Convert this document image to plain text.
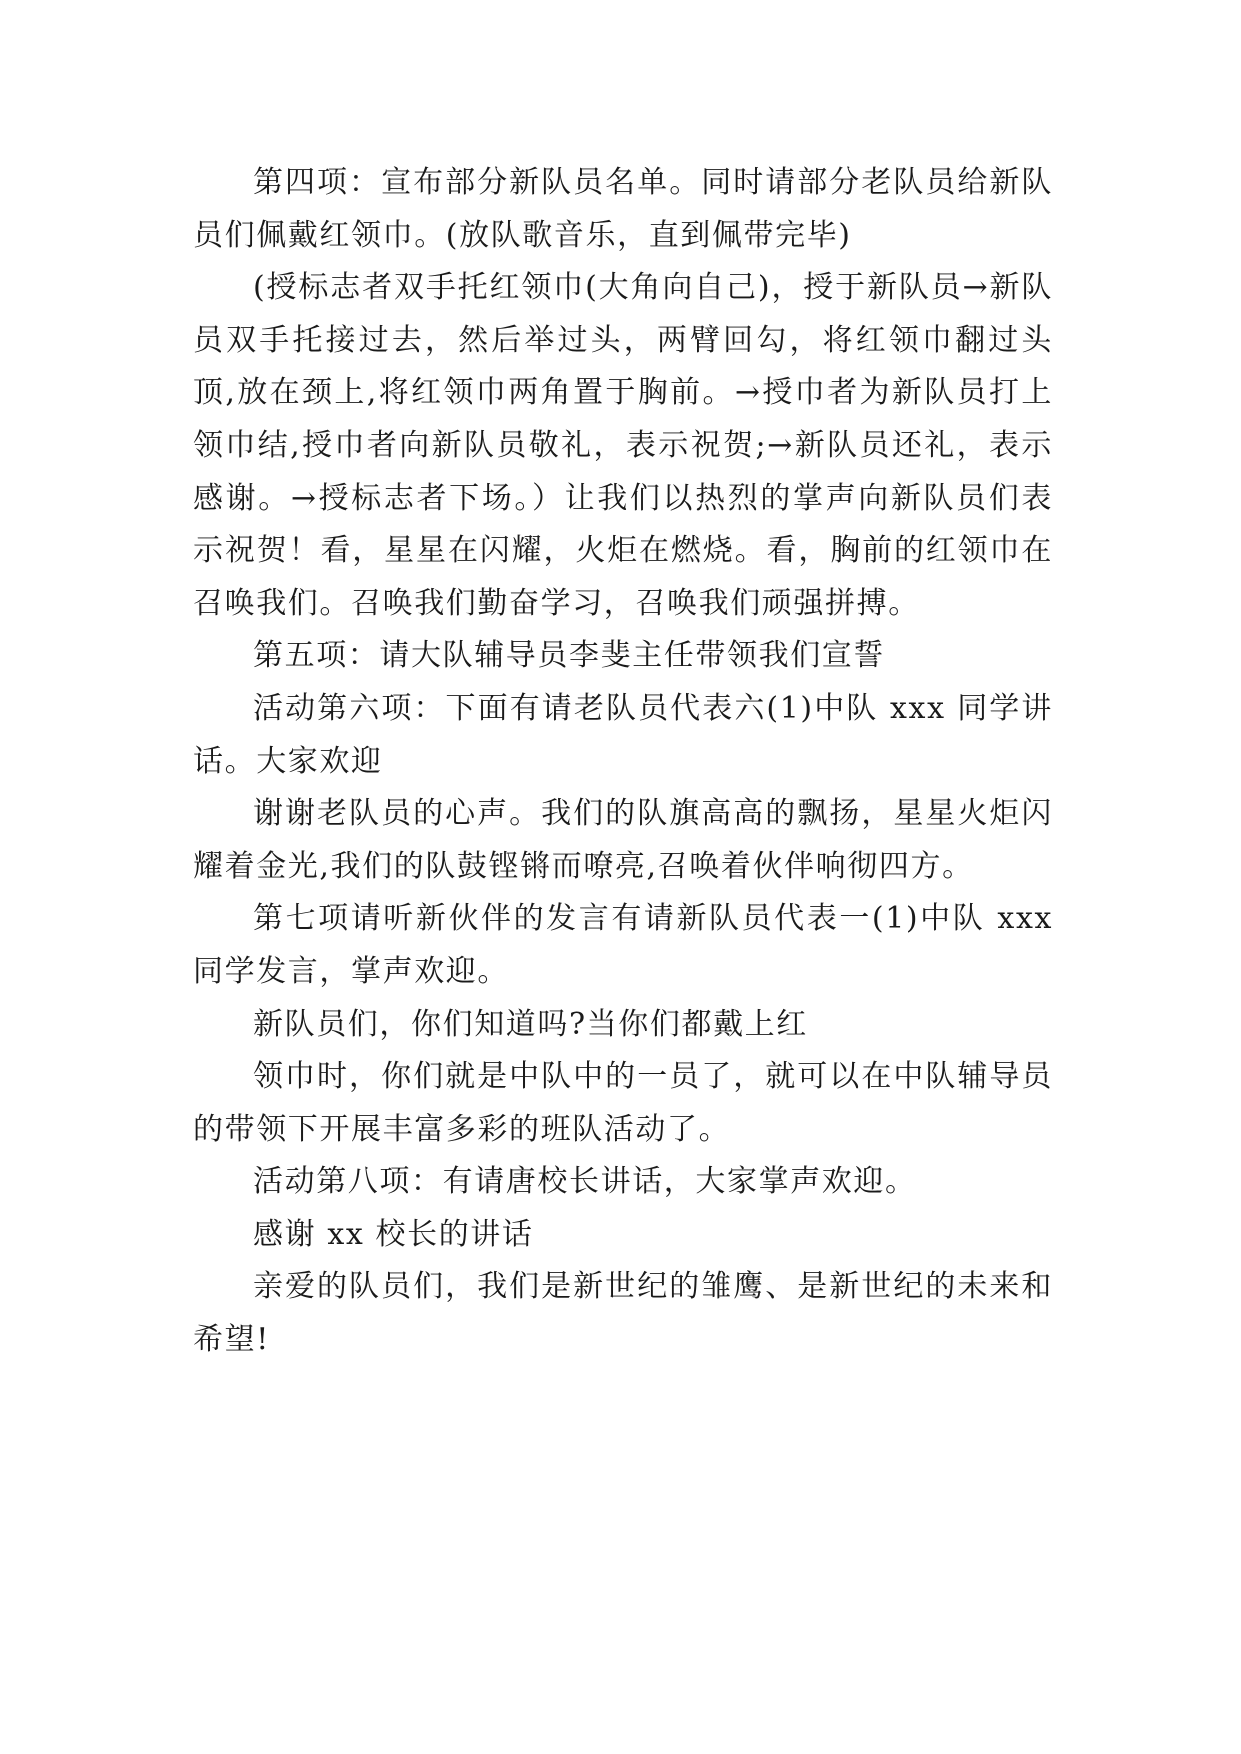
第四项：宣布部分新队员名单。同时请部分老队员给新队员们佩戴红领巾。(放队歌音乐，直到佩带完毕)

(授标志者双手托红领巾(大角向自己)，授于新队员→新队员双手托接过去，然后举过头，两臂回勾，将红领巾翻过头顶,放在颈上,将红领巾两角置于胸前。→授巾者为新队员打上领巾结,授巾者向新队员敬礼，表示祝贺;→新队员还礼，表示感谢。→授标志者下场。）让我们以热烈的掌声向新队员们表示祝贺！看，星星在闪耀，火炬在燃烧。看，胸前的红领巾在召唤我们。召唤我们勤奋学习，召唤我们顽强拼搏。

第五项：请大队辅导员李斐主任带领我们宣誓

活动第六项：下面有请老队员代表六(1)中队 xxx 同学讲话。大家欢迎

谢谢老队员的心声。我们的队旗高高的飘扬，星星火炬闪耀着金光,我们的队鼓铿锵而嘹亮,召唤着伙伴响彻四方。

第七项请听新伙伴的发言有请新队员代表一(1)中队 xxx 同学发言，掌声欢迎。

新队员们，你们知道吗?当你们都戴上红

领巾时，你们就是中队中的一员了，就可以在中队辅导员的带领下开展丰富多彩的班队活动了。

活动第八项：有请唐校长讲话，大家掌声欢迎。

感谢 xx 校长的讲话

亲爱的队员们，我们是新世纪的雏鹰、是新世纪的未来和希望!
